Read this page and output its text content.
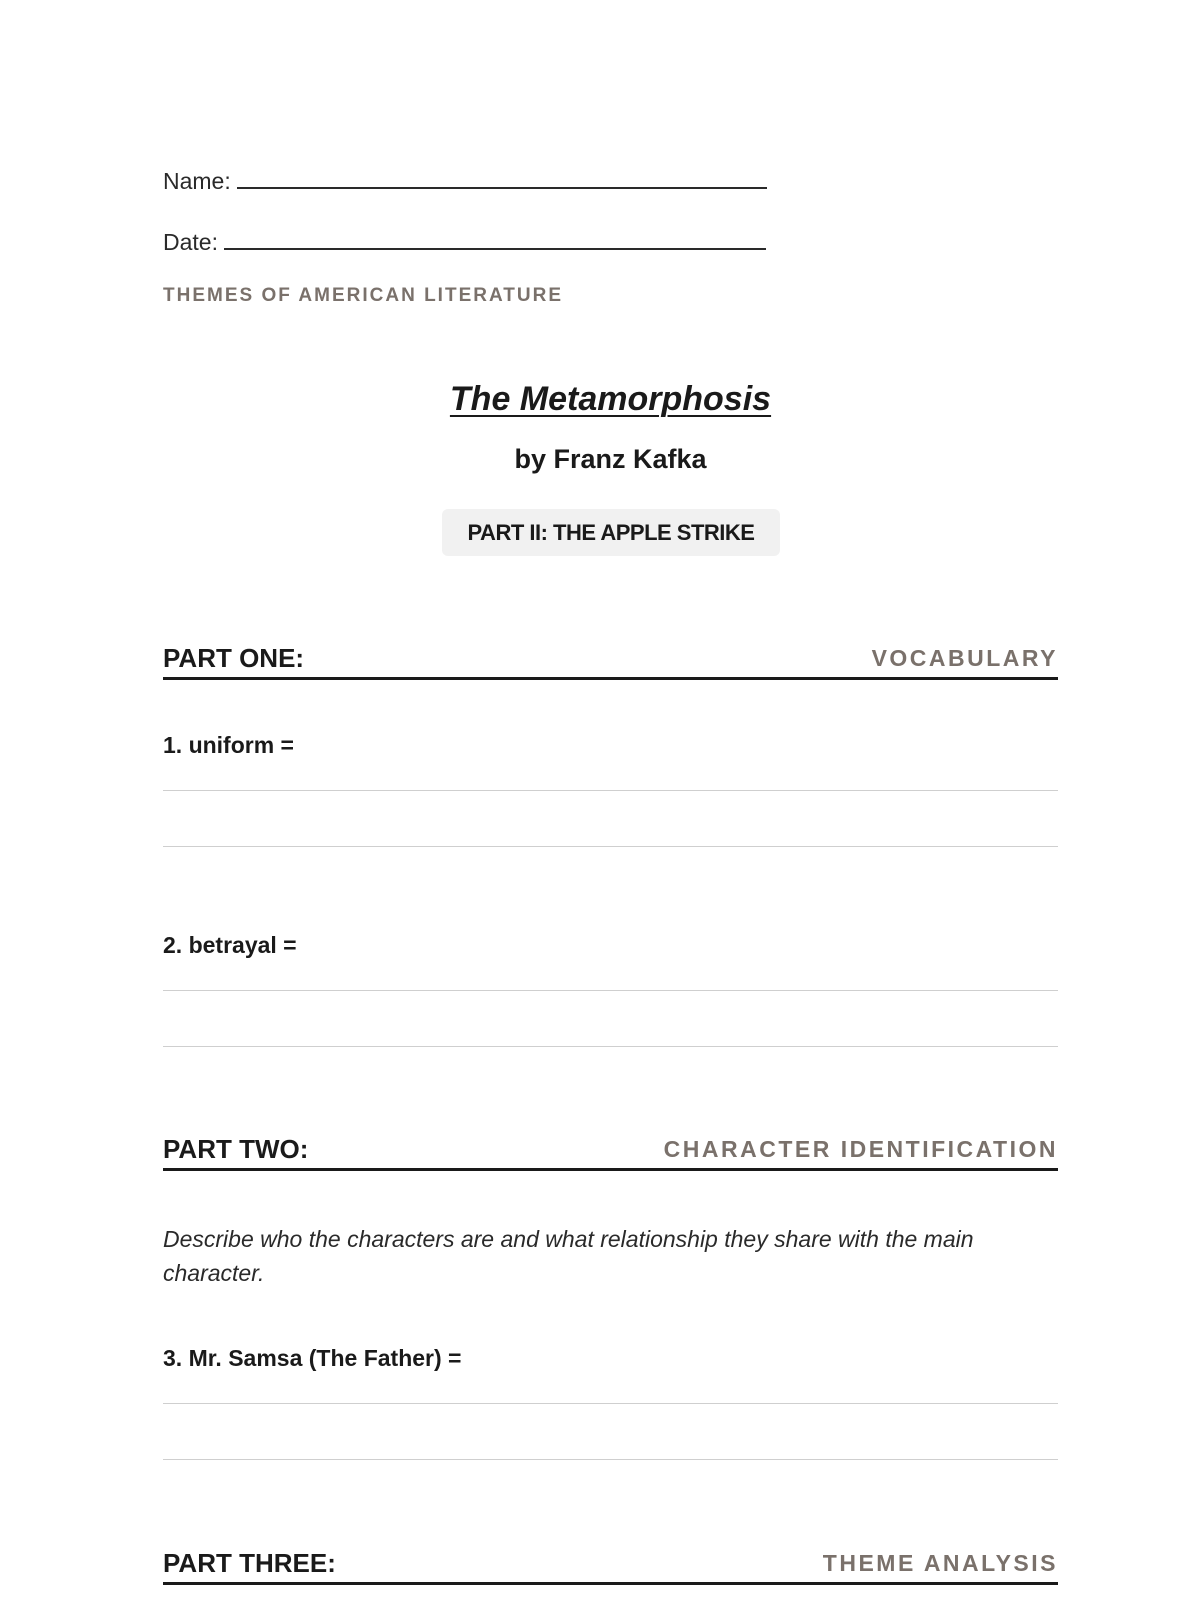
Name:
Date:
THEMES OF AMERICAN LITERATURE
The Metamorphosis
by Franz Kafka
PART II: THE APPLE STRIKE
PART ONE:	VOCABULARY
1. uniform =
2. betrayal =
PART TWO:	CHARACTER IDENTIFICATION
Describe who the characters are and what relationship they share with the main character.
3. Mr. Samsa (The Father) =
PART THREE:	THEME ANALYSIS
